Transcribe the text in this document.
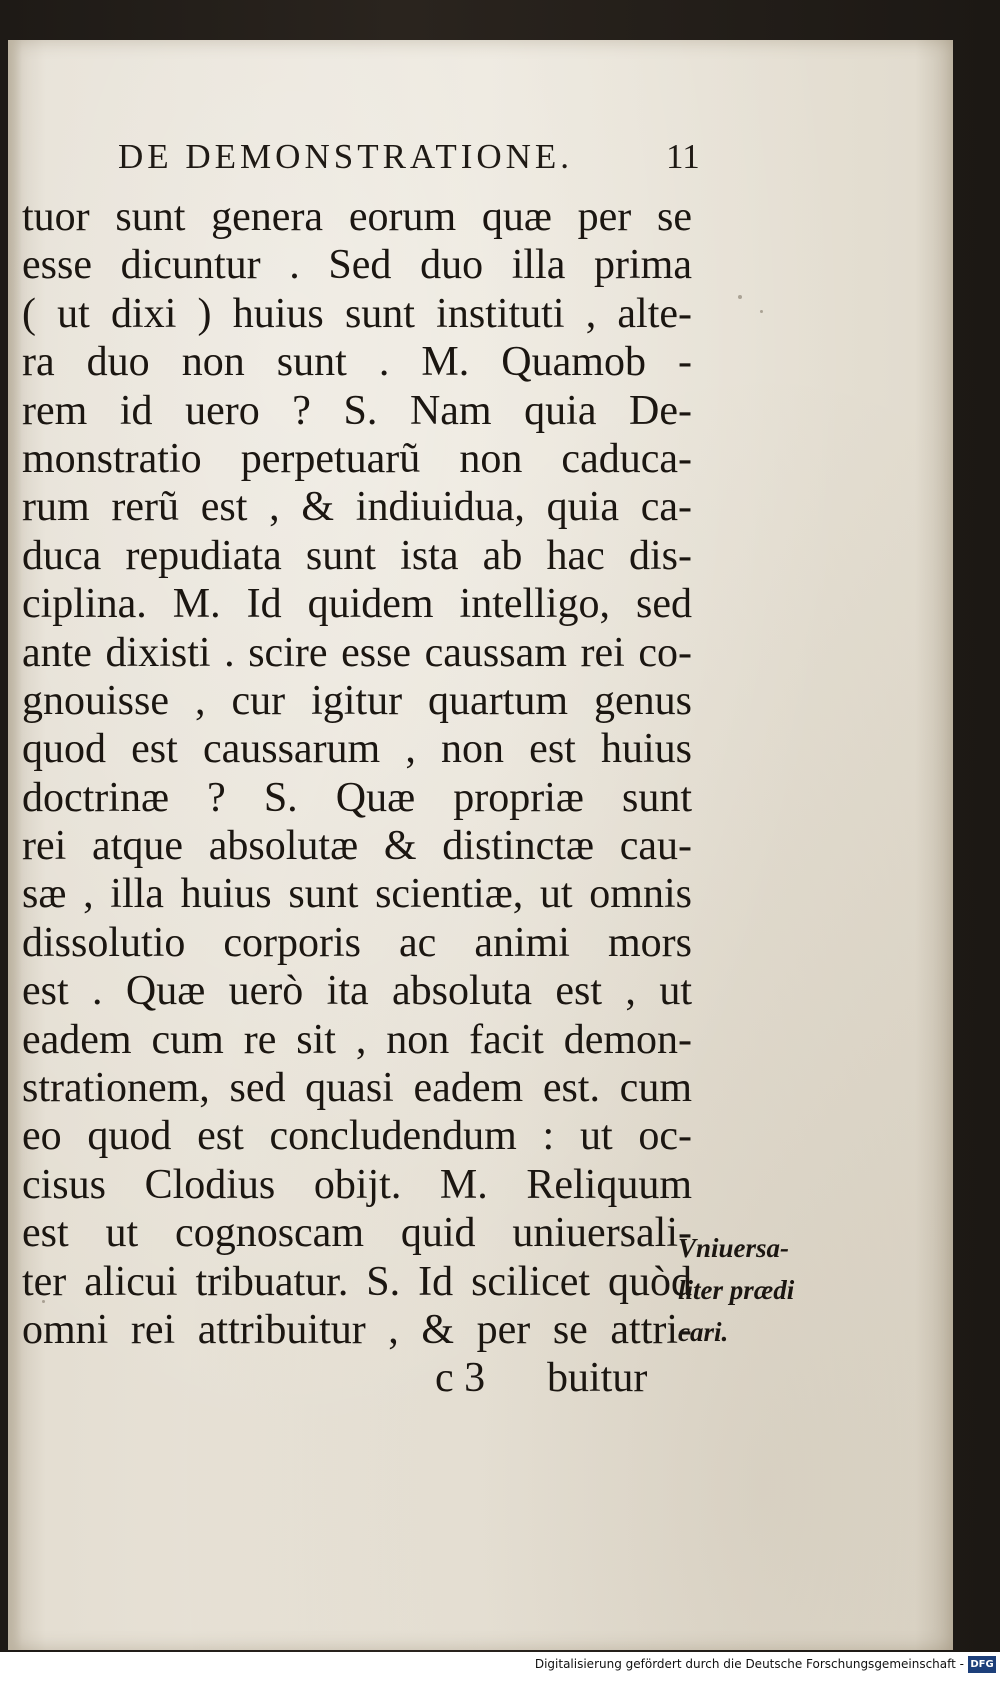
DE DEMONSTRATIONE.	11
tuor sunt genera eorum quæ per se
esse dicuntur . Sed duo illa prima
( ut dixi ) huius sunt instituti , alte-
ra duo non sunt . M. Quamob -
rem id uero ? S. Nam quia De-
monstratio perpetuarũ non caduca-
rum rerũ est , & indiuidua, quia ca-
duca repudiata sunt ista ab hac dis-
ciplina. M. Id quidem intelligo, sed
ante dixisti . scire esse caussam rei co-
gnouisse , cur igitur quartum genus
quod est caussarum , non est huius
doctrinæ ? S. Quæ propriæ sunt
rei atque absolutæ & distinctæ cau-
sæ , illa huius sunt scientiæ, ut omnis
dissolutio corporis ac animi mors
est . Quæ uerò ita absoluta est , ut
eadem cum re sit , non facit demon-
strationem, sed quasi eadem est. cum
eo quod est concludendum : ut oc-
cisus Clodius obijt. M. Reliquum
est ut cognoscam quid uniuersali-
ter alicui tribuatur. S. Id scilicet quòd
omni rei attribuitur , & per se attri-
c 3 buitur
Vniuersa-
liter prædi
cari.
Digitalisierung gefördert durch die Deutsche Forschungsgemeinschaft - DFG
